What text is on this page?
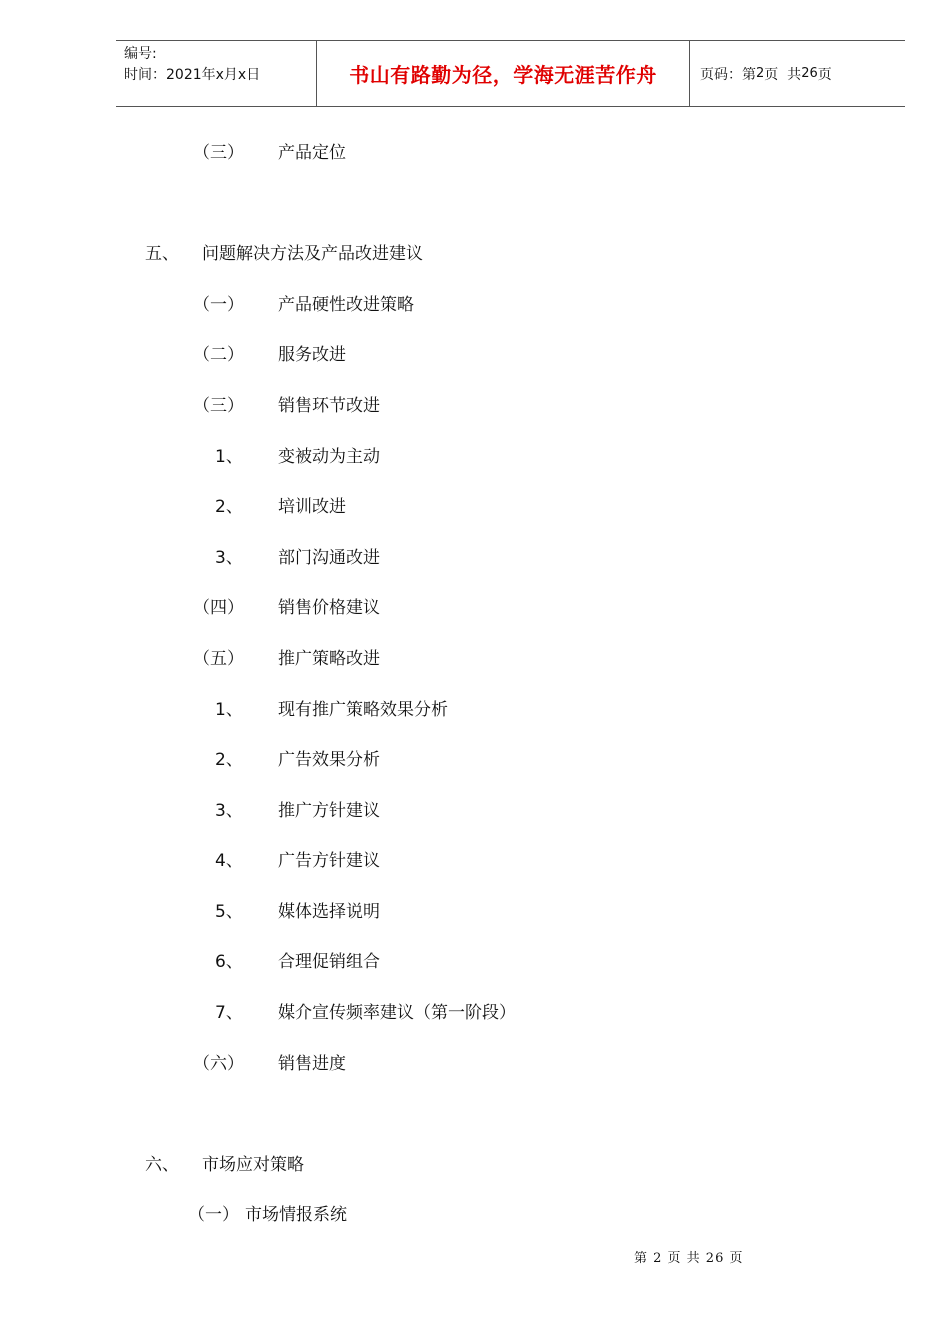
编号:
时间：2021年x月x日	书山有路勤为径，学海无涯苦作舟	页码：第 2 页  共 26 页
（三） 产品定位
五、 问题解决方法及产品改进建议
（一） 产品硬性改进策略
（二） 服务改进
（三） 销售环节改进
1、 变被动为主动
2、 培训改进
3、 部门沟通改进
（四） 销售价格建议
（五） 推广策略改进
1、 现有推广策略效果分析
2、 广告效果分析
3、 推广方针建议
4、 广告方针建议
5、 媒体选择说明
6、 合理促销组合
7、 媒介宣传频率建议（第一阶段）
（六） 销售进度
六、 市场应对策略
（一） 市场情报系统
第 2 页 共 26 页
